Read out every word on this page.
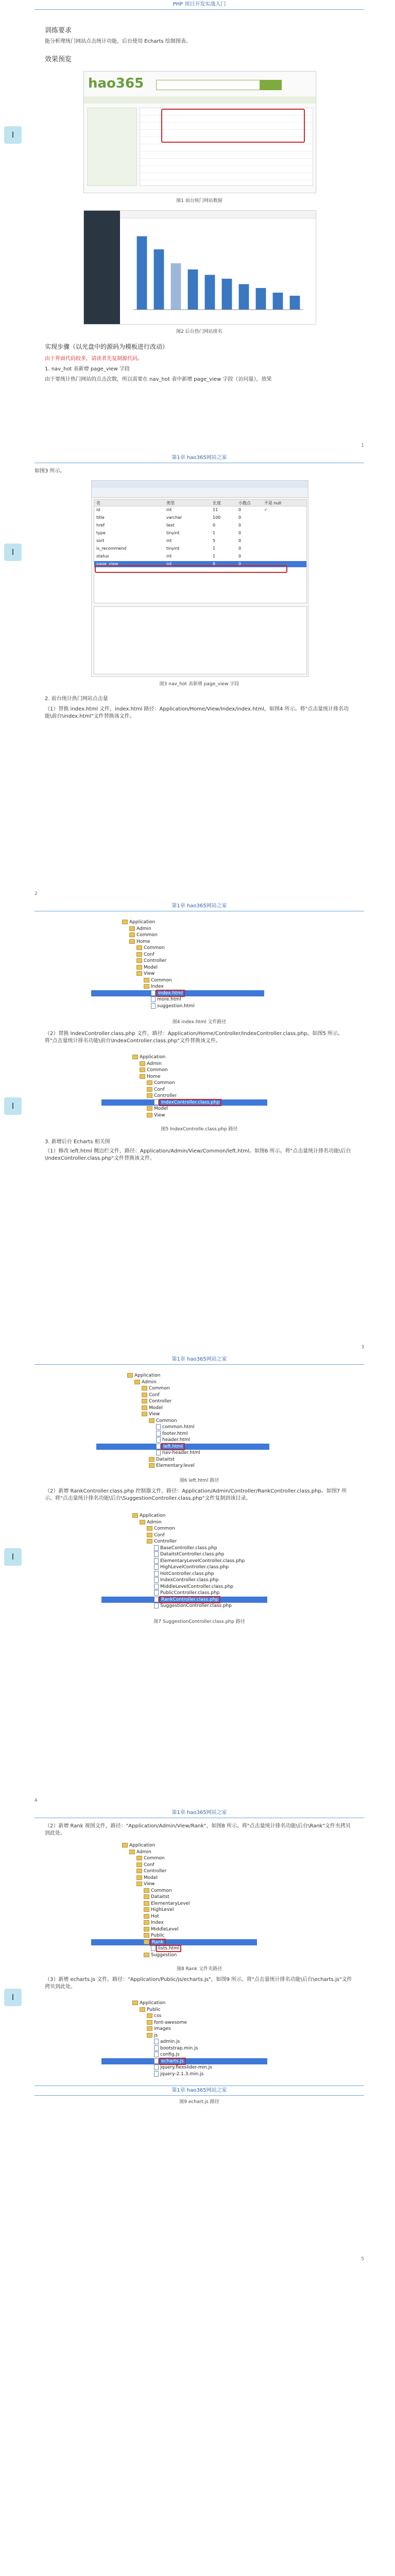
PHP 项目开发实战入门
训练要求
能分析理统门网站点击统计功能，后台使用 Echarts 绘制图表。
效果预览
hao365
图1 前台统门网站数据
图2 后台热门网站排名
实现步骤（以光盘中的源码为模板进行改动）
由于界面代码较多，请读者先复制源代码。
1. nav_hot 表新增 page_view 字段
由于要统计热门网站的点击次数，所以需要在 nav_hot 表中新增 page_view 字段（访问量），效果
1
I
第1章 hao365网站之家
如图3 所示。
名	类型	长度	小数点	不是 null
id	int	11	0	✓
title	varchar	100	0
href	text	0	0
type	tinyint	1	0
sort	int	5	0
is_recommend	tinyint	1	0
status	int	1	0
page_view	int	8	0
图3 nav_hot 表新增 page_view 字段
2. 前台统计热门网站点击量
（1）替换 index.html 文件，index.html 路径：Application/Home/View/Index/index.html，如图4 所示。将"点击量统计排名功能\前台\index.html"文件替换该文件。
2
I
第1章 hao365网站之家
Application
Admin
Common
Home
Common
Conf
Controller
Model
View
Common
Index
index.html
more.html
suggestion.html
图4 index.html 文件路径
（2）替换 IndexController.class.php 文件，路径：Application/Home/Controller/IndexController.class.php。如图5 所示。将"点击量统计排名功能\前台\IndexController.class.php"文件替换该文件。
Application
Admin
Common
Home
Common
Conf
Controller
IndexController.class.php
Model
View
图5 IndexControlle.class.php 路径
3. 新增后台 Echarts 相关图
（1）修改 left.html 侧边栏文件，路径：Application/Admin/View/Common/left.html。如图6 所示。将"点击量统计排名功能\后台\IndexController.class.php"文件替换该文件。
3
I
第1章 hao365网站之家
Application
Admin
Common
Conf
Controller
Model
View
Common
common.html
footer.html
header.html
left.html
nav-header.html
Dataitst
Elementary.level
图6 left.html 路径
（2）新增 RankController.class.php 控制器文件，路径：Application/Admin/Controller/RankController.class.php。如图7 所示。将"点击量统计排名功能\后台\SuggestionController.class.php"文件复制到该目录。
Application
Admin
Common
Conf
Controller
BaseController.class.php
DataitstController.class.php
ElementaryLevelController.class.php
HighLevelController.class.php
HotController.class.php
IndexController.class.php
MiddleLevelController.class.php
PublicController.class.php
RankController.class.php
SuggestionController.class.php
图7 SuggestionController.class.php 路径
4
I
第1章 hao365网站之家
（2）新增 Rank 视图文件，路径："Application/Admin/View/Rank"，如图8 所示。将"点击量统计排名功能\后台\Rank"文件夹拷贝到此处。
Application
Admin
Common
Conf
Controller
Model
View
Common
Dataitst
ElementaryLevel
HighLevel
Hot
Index
MiddleLevel
Public
Rank
lists.html
Suggestion
图8 Rank 文件夹路径
（3）新增 echarts.js 文件，路径："Application/Public/js/echarts.js"，如图9 所示。将"点击量统计排名功能\后台\echarts.js"文件拷贝到此处。
Application
Public
css
font-awesome
images
js
admin.js
bootstrap.min.js
config.js
echarts.js
jquery.flexslider-min.js
jquery-2.1.3.min.js
第1章 hao365网站之家
图9 echart.js 路径
5
I
